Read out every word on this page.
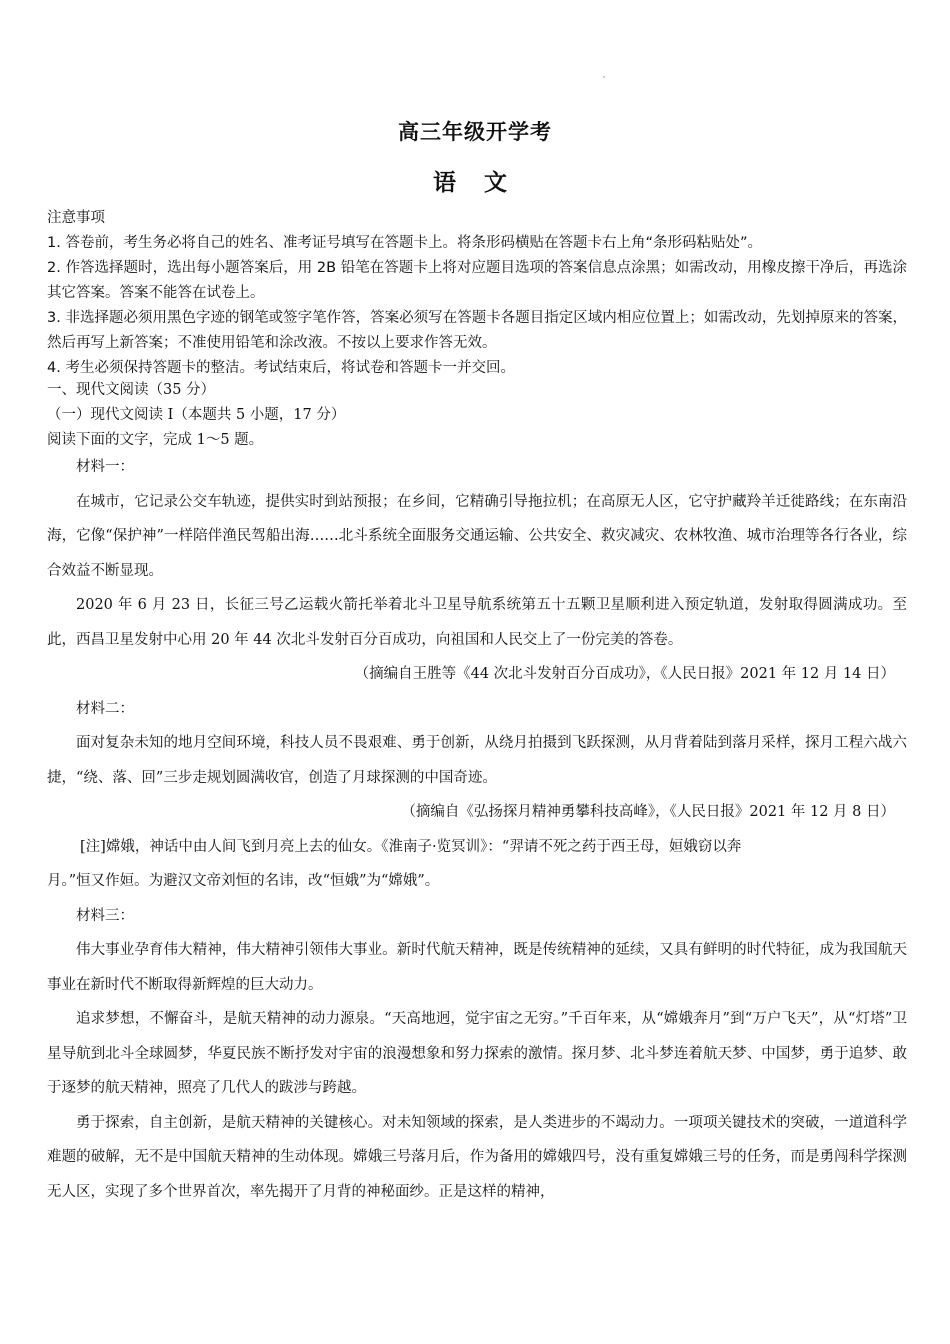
高三年级开学考
语 文
注意事项
1. 答卷前，考生务必将自己的姓名、准考证号填写在答题卡上。将条形码横贴在答题卡右上角“条形码粘贴处”。
2. 作答选择题时，选出每小题答案后，用 2B 铅笔在答题卡上将对应题目选项的答案信息点涂黑；如需改动，用橡皮擦干净后，再选涂其它答案。答案不能答在试卷上。
3. 非选择题必须用黑色字迹的钢笔或签字笔作答，答案必须写在答题卡各题目指定区域内相应位置上；如需改动，先划掉原来的答案，然后再写上新答案；不准使用铅笔和涂改液。不按以上要求作答无效。
4. 考生必须保持答题卡的整洁。考试结束后，将试卷和答题卡一并交回。
一、现代文阅读（35 分）
（一）现代文阅读 I（本题共 5 小题，17 分）
阅读下面的文字，完成 1～5 题。

材料一：

在城市，它记录公交车轨迹，提供实时到站预报；在乡间，它精确引导拖拉机；在高原无人区，它守护藏羚羊迁徙路线；在东南沿海，它像“保护神”一样陪伴渔民驾船出海……北斗系统全面服务交通运输、公共安全、救灾减灾、农林牧渔、城市治理等各行各业，综合效益不断显现。

2020 年 6 月 23 日，长征三号乙运载火箭托举着北斗卫星导航系统第五十五颗卫星顺利进入预定轨道，发射取得圆满成功。至此，西昌卫星发射中心用 20 年 44 次北斗发射百分百成功，向祖国和人民交上了一份完美的答卷。

（摘编自王胜等《44 次北斗发射百分百成功》，《人民日报》2021 年 12 月 14 日）

材料二：

面对复杂未知的地月空间环境，科技人员不畏艰难、勇于创新，从绕月拍摄到飞跃探测，从月背着陆到落月采样，探月工程六战六捷，“绕、落、回”三步走规划圆满收官，创造了月球探测的中国奇迹。

（摘编自《弘扬探月精神勇攀科技高峰》，《人民日报》2021 年 12 月 8 日）

[注]嫦娥，神话中由人间飞到月亮上去的仙女。《淮南子·览冥训》：“羿请不死之药于西王母，姮娥窃以奔

月。”恒又作姮。为避汉文帝刘恒的名讳，改“恒娥”为“嫦娥”。

材料三：

伟大事业孕育伟大精神，伟大精神引领伟大事业。新时代航天精神，既是传统精神的延续，又具有鲜明的时代特征，成为我国航天事业在新时代不断取得新辉煌的巨大动力。

追求梦想，不懈奋斗，是航天精神的动力源泉。“天高地迥，觉宇宙之无穷。”千百年来，从“嫦娥奔月”到“万户飞天”，从“灯塔”卫星导航到北斗全球圆梦，华夏民族不断抒发对宇宙的浪漫想象和努力探索的激情。探月梦、北斗梦连着航天梦、中国梦，勇于追梦、敢于逐梦的航天精神，照亮了几代人的跋涉与跨越。

勇于探索，自主创新，是航天精神的关键核心。对未知领域的探索，是人类进步的不竭动力。一项项关键技术的突破，一道道科学难题的破解，无不是中国航天精神的生动体现。嫦娥三号落月后，作为备用的嫦娥四号，没有重复嫦娥三号的任务，而是勇闯科学探测无人区，实现了多个世界首次，率先揭开了月背的神秘面纱。正是这样的精神，
